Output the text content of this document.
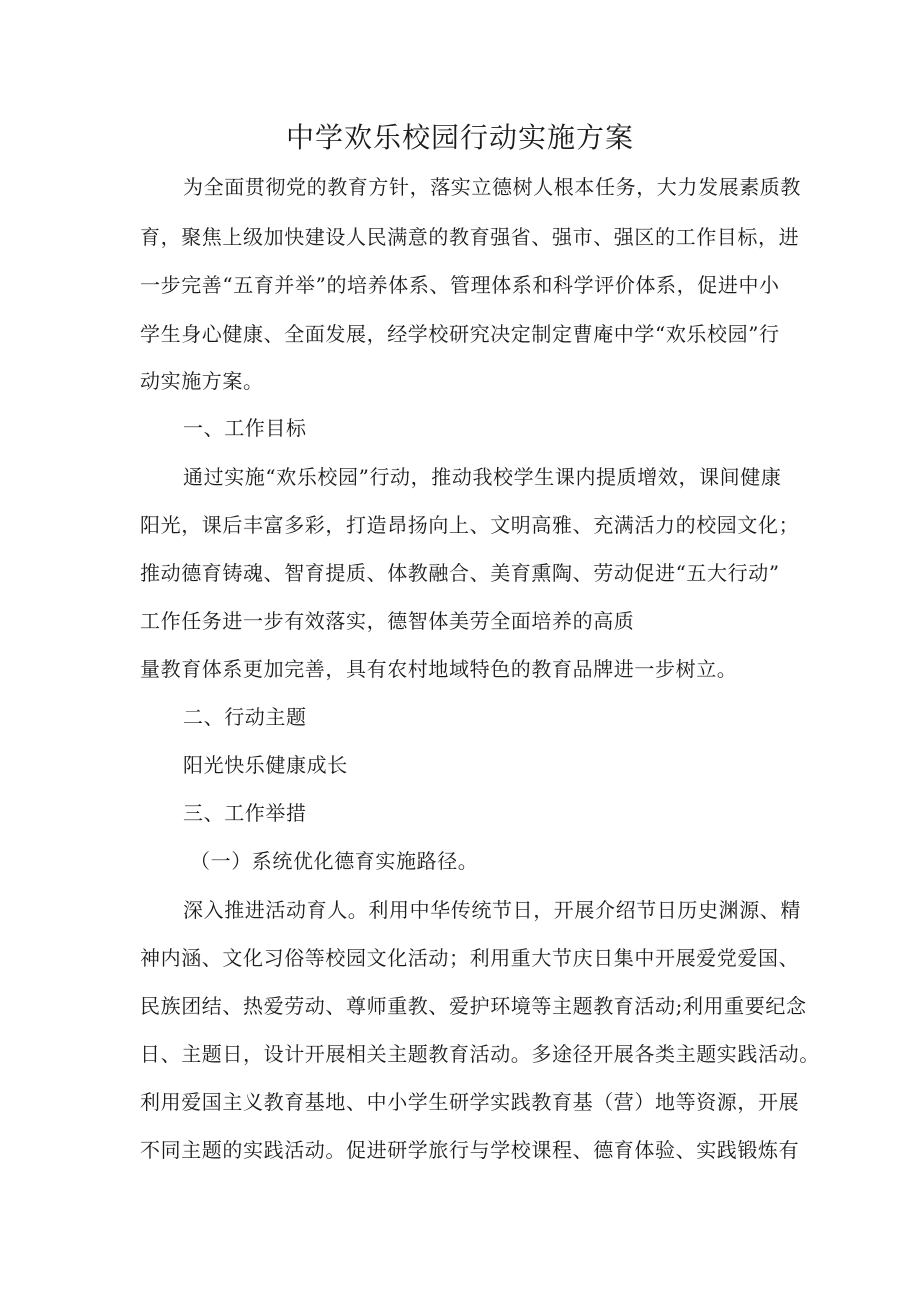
中学欢乐校园行动实施方案

为全面贯彻党的教育方针，落实立德树人根本任务，大力发展素质教

育，聚焦上级加快建设人民满意的教育强省、强市、强区的工作目标，进

一步完善“五育并举”的培养体系、管理体系和科学评价体系，促进中小

学生身心健康、全面发展，经学校研究决定制定曹庵中学“欢乐校园”行

动实施方案。

一、工作目标

通过实施“欢乐校园”行动，推动我校学生课内提质增效，课间健康

阳光，课后丰富多彩，打造昂扬向上、文明高雅、充满活力的校园文化；

推动德育铸魂、智育提质、体教融合、美育熏陶、劳动促进“五大行动”

工作任务进一步有效落实，德智体美劳全面培养的高质

量教育体系更加完善，具有农村地域特色的教育品牌进一步树立。

二、行动主题

阳光快乐健康成长

三、工作举措

（一）系统优化德育实施路径。

深入推进活动育人。利用中华传统节日，开展介绍节日历史渊源、精

神内涵、文化习俗等校园文化活动；利用重大节庆日集中开展爱党爱国、

民族团结、热爱劳动、尊师重教、爱护环境等主题教育活动;利用重要纪念

日、主题日，设计开展相关主题教育活动。多途径开展各类主题实践活动。

利用爱国主义教育基地、中小学生研学实践教育基（营）地等资源，开展

不同主题的实践活动。促进研学旅行与学校课程、德育体验、实践锻炼有
